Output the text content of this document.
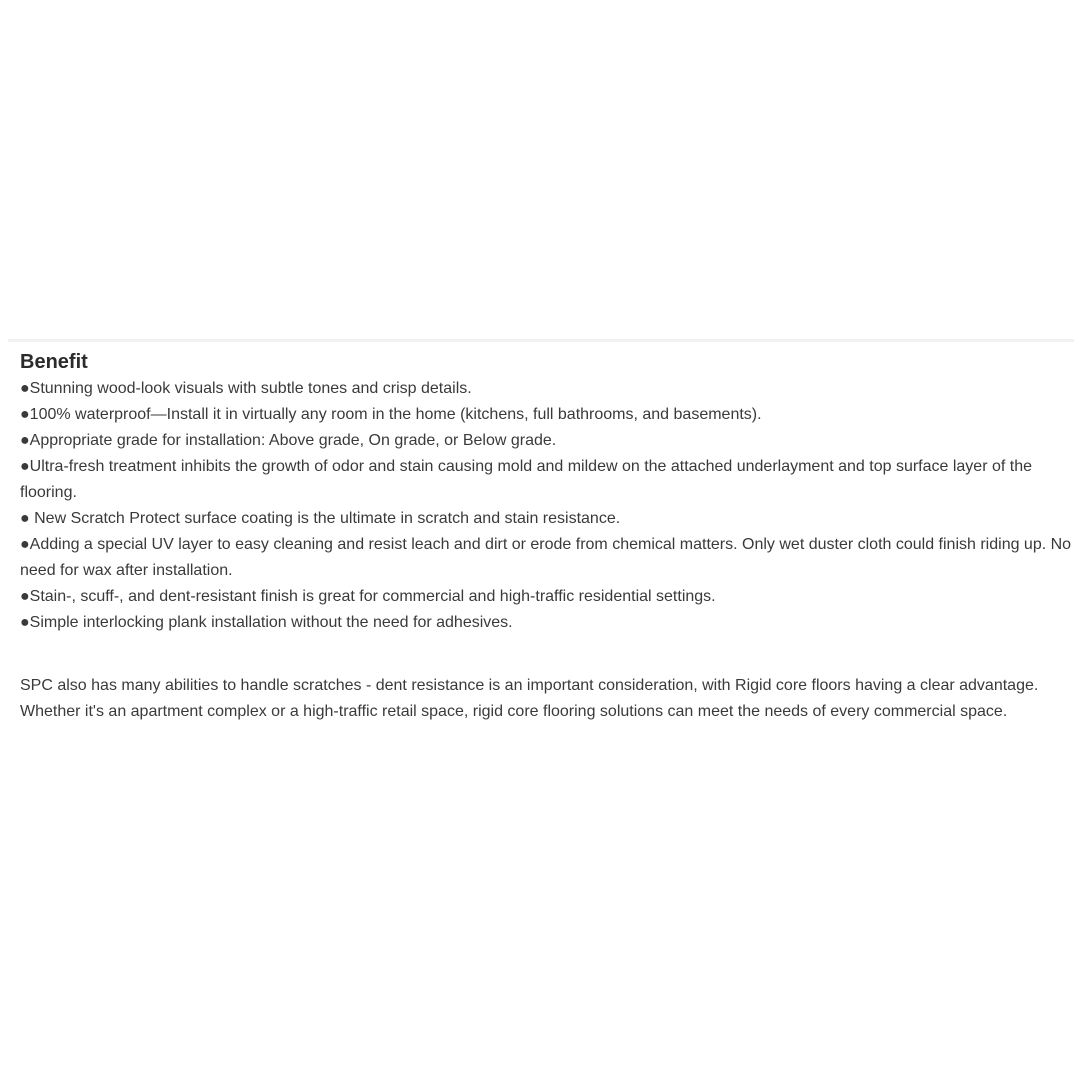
Benefit
●Stunning wood-look visuals with subtle tones and crisp details.
●100% waterproof—Install it in virtually any room in the home (kitchens, full bathrooms, and basements).
●Appropriate grade for installation: Above grade, On grade, or Below grade.
●Ultra-fresh treatment inhibits the growth of odor and stain causing mold and mildew on the attached underlayment and top surface layer of the flooring.
● New Scratch Protect surface coating is the ultimate in scratch and stain resistance.
●Adding a special UV layer to easy cleaning and resist leach and dirt or erode from chemical matters. Only wet duster cloth could finish riding up. No need for wax after installation.
●Stain-, scuff-, and dent-resistant finish is great for commercial and high-traffic residential settings.
●Simple interlocking plank installation without the need for adhesives.

SPC also has many abilities to handle scratches - dent resistance is an important consideration, with Rigid core floors having a clear advantage. Whether it's an apartment complex or a high-traffic retail space, rigid core flooring solutions can meet the needs of every commercial space.
